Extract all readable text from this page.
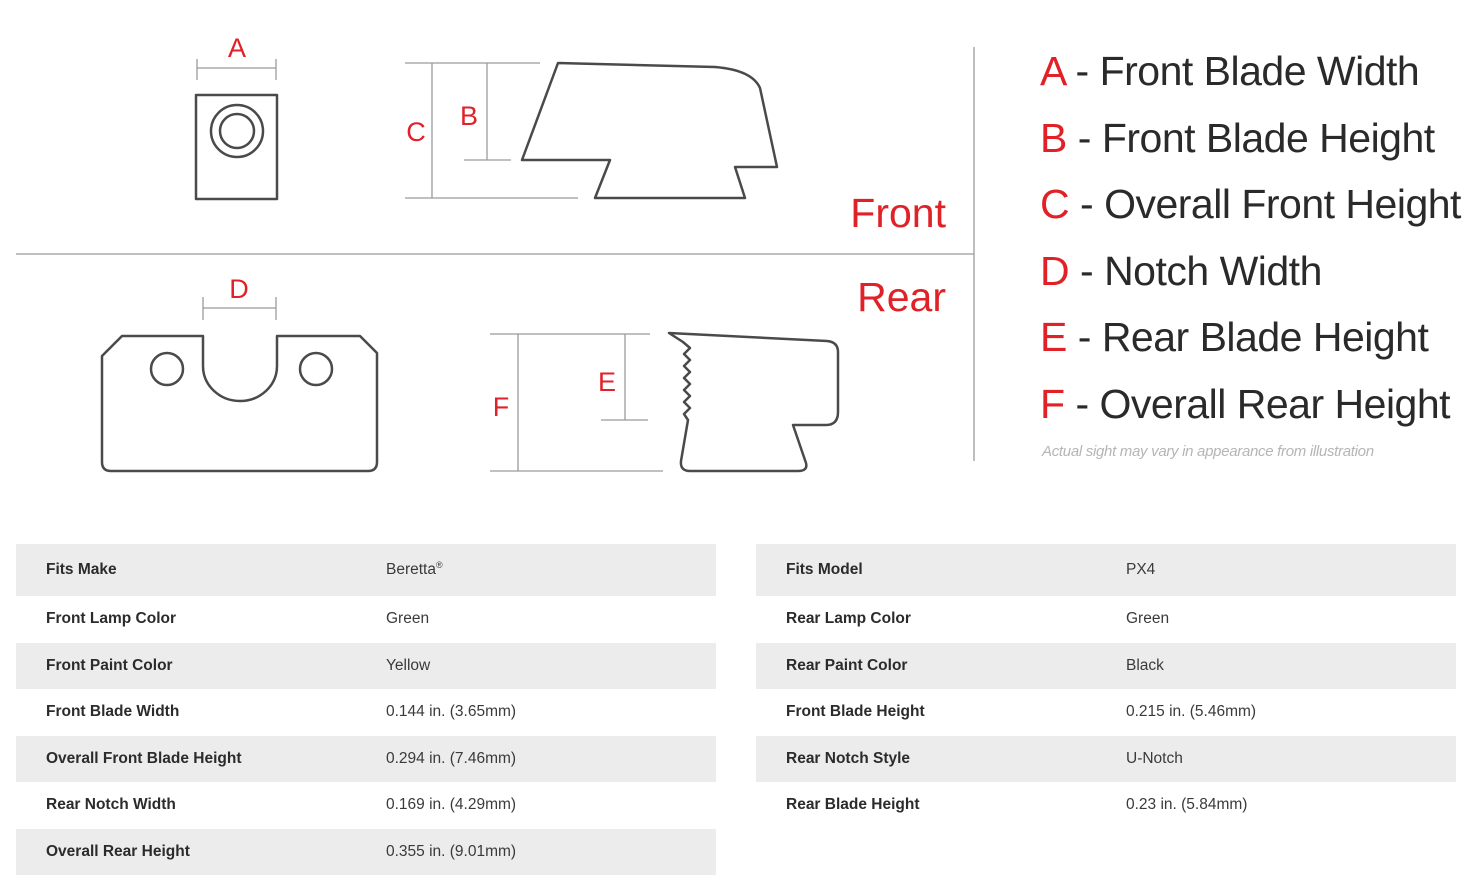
A
C
B
Front
Rear
D
F
E
A - Front Blade Width
B - Front Blade Height
C - Overall Front Height
D - Notch Width
E - Rear Blade Height
F - Overall Rear Height
Actual sight may vary in appearance from illustration
Fits Make	Beretta®
Front Lamp Color	Green
Front Paint Color	Yellow
Front Blade Width	0.144 in. (3.65mm)
Overall Front Blade Height	0.294 in. (7.46mm)
Rear Notch Width	0.169 in. (4.29mm)
Overall Rear Height	0.355 in. (9.01mm)
Fits Model	PX4
Rear Lamp Color	Green
Rear Paint Color	Black
Front Blade Height	0.215 in. (5.46mm)
Rear Notch Style	U-Notch
Rear Blade Height	0.23 in. (5.84mm)
